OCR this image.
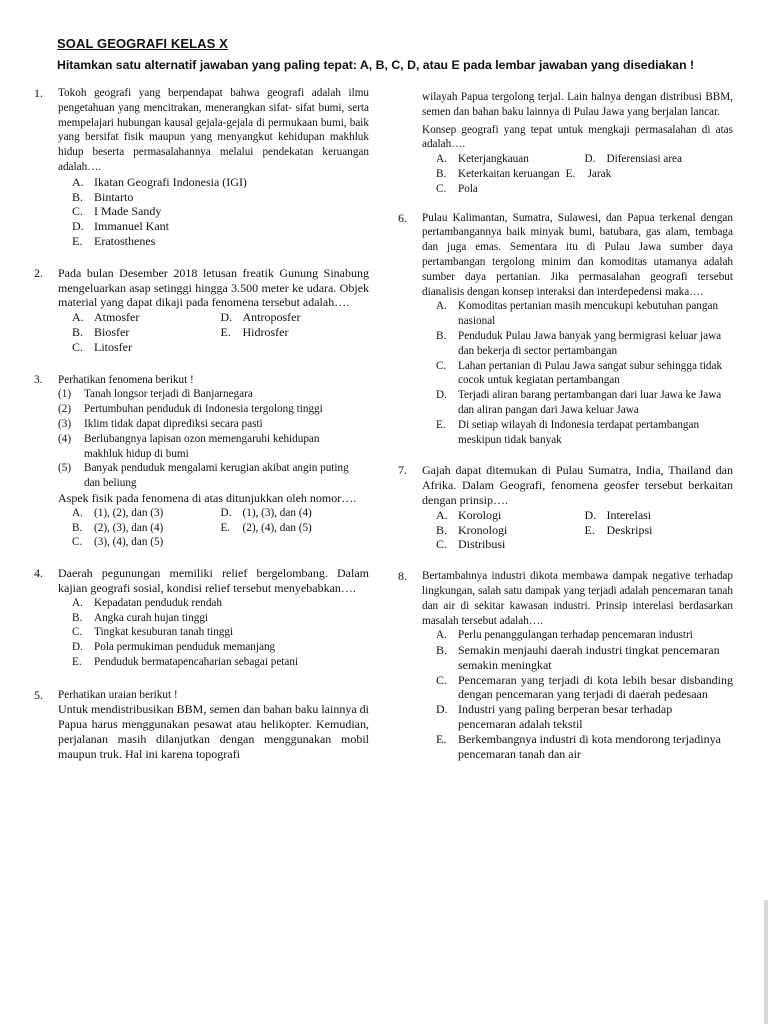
SOAL GEOGRAFI KELAS X
Hitamkan satu alternatif jawaban yang paling tepat: A, B, C, D, atau E pada lembar jawaban yang disediakan !
1. Tokoh geografi yang berpendapat bahwa geografi adalah ilmu pengetahuan yang mencitrakan, menerangkan sifat- sifat bumi, serta mempelajari hubungan kausal gejala-gejala di permukaan bumi, baik yang bersifat fisik maupun yang menyangkut kehidupan makhluk hidup beserta permasalahannya melalui pendekatan keruangan adalah….
A. Ikatan Geografi Indonesia (IGI)
B. Bintarto
C. I Made Sandy
D. Immanuel Kant
E. Eratosthenes
2. Pada bulan Desember 2018 letusan freatik Gunung Sinabung mengeluarkan asap setinggi hingga 3.500 meter ke udara. Objek material yang dapat dikaji pada fenomena tersebut adalah….
A. Atmosfer	D. Antroposfer
B. Biosfer	E. Hidrosfer
C. Litosfer
3. Perhatikan fenomena berikut !
(1) Tanah longsor terjadi di Banjarnegara
(2) Pertumbuhan penduduk di Indonesia tergolong tinggi
(3) Iklim tidak dapat diprediksi secara pasti
(4) Berlubangnya lapisan ozon memengaruhi kehidupan makhluk hidup di bumi
(5) Banyak penduduk mengalami kerugian akibat angin puting dan beliung
Aspek fisik pada fenomena di atas ditunjukkan oleh nomor….
A. (1), (2), dan (3)	D. (1), (3), dan (4)
B. (2), (3), dan (4)	E. (2), (4), dan (5)
C. (3), (4), dan (5)
4. Daerah pegunungan memiliki relief bergelombang. Dalam kajian geografi sosial, kondisi relief tersebut menyebabkan….
A. Kepadatan penduduk rendah
B. Angka curah hujan tinggi
C. Tingkat kesuburan tanah tinggi
D. Pola permukiman penduduk memanjang
E. Penduduk bermatapencaharian sebagai petani
5. Perhatikan uraian berikut !
Untuk mendistribusikan BBM, semen dan bahan baku lainnya di Papua harus menggunakan pesawat atau helikopter. Kemudian, perjalanan masih dilanjutkan dengan menggunakan mobil maupun truk. Hal ini karena topografi
wilayah Papua tergolong terjal. Lain halnya dengan distribusi BBM, semen dan bahan baku lainnya di Pulau Jawa yang berjalan lancar.
Konsep geografi yang tepat untuk mengkaji permasalahan di atas adalah….
A. Keterjangkauan	D. Diferensiasi area
B. Keterkaitan keruangan E. Jarak
C. Pola
6. Pulau Kalimantan, Sumatra, Sulawesi, dan Papua terkenal dengan pertambangannya baik minyak bumi, batubara, gas alam, tembaga dan juga emas. Sementara itu di Pulau Jawa sumber daya pertambangan tergolong minim dan komoditas utamanya adalah sumber daya pertanian. Jika permasalahan geografi tersebut dianalisis dengan konsep interaksi dan interdepedensi maka….
A. Komoditas pertanian masih mencukupi kebutuhan pangan nasional
B. Penduduk Pulau Jawa banyak yang bermigrasi keluar jawa dan bekerja di sector pertambangan
C. Lahan pertanian di Pulau Jawa sangat subur sehingga tidak cocok untuk kegiatan pertambangan
D. Terjadi aliran barang pertambangan dari luar Jawa ke Jawa dan aliran pangan dari Jawa keluar Jawa
E. Di setiap wilayah di Indonesia terdapat pertambangan meskipun tidak banyak
7. Gajah dapat ditemukan di Pulau Sumatra, India, Thailand dan Afrika. Dalam Geografi, fenomena geosfer tersebut berkaitan dengan prinsip….
A. Korologi	D. Interelasi
B. Kronologi	E. Deskripsi
C. Distribusi
8. Bertambahnya industri dikota membawa dampak negative terhadap lingkungan, salah satu dampak yang terjadi adalah pencemaran tanah dan air di sekitar kawasan industri. Prinsip interelasi berdasarkan masalah tersebut adalah….
A. Perlu penanggulangan terhadap pencemaran industri
B. Semakin menjauhi daerah industri tingkat pencemaran semakin meningkat
C. Pencemaran yang terjadi di kota lebih besar disbanding dengan pencemaran yang terjadi di daerah pedesaan
D. Industri yang paling berperan besar terhadap pencemaran adalah tekstil
E. Berkembangnya industri di kota mendorong terjadinya pencemaran tanah dan air
